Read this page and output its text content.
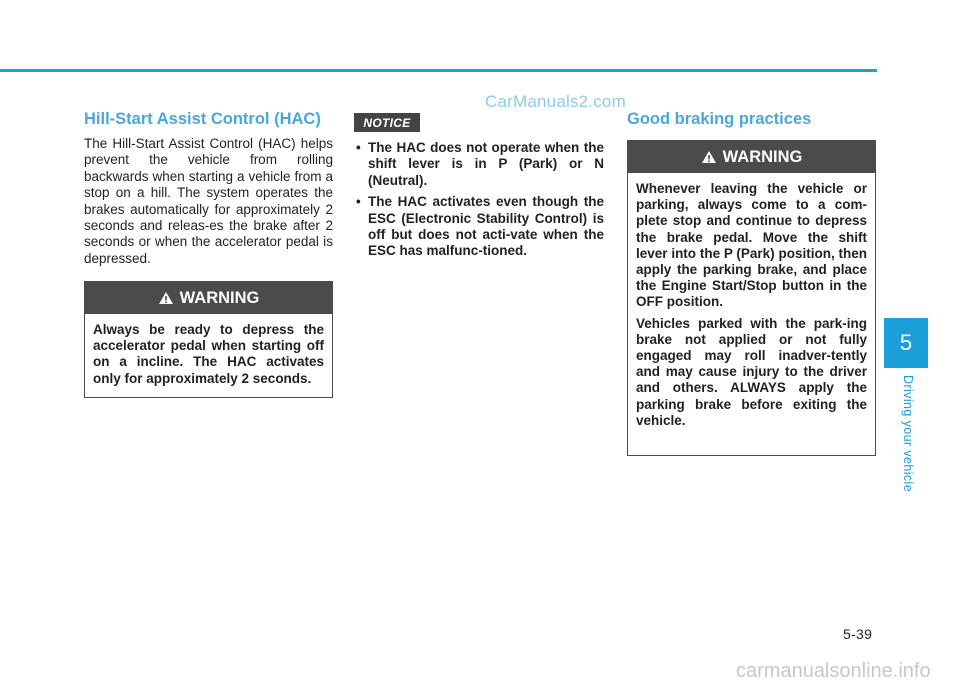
CarManuals2.com
Hill-Start Assist Control (HAC)

The Hill-Start Assist Control (HAC) helps prevent the vehicle from rolling backwards when starting a vehicle from a stop on a hill. The system operates the brakes automatically for approximately 2 seconds and releas-es the brake after 2 seconds or when the accelerator pedal is depressed.

WARNING

Always be ready to depress the accelerator pedal when starting off on a incline. The HAC activates only for approximately 2 seconds.

NOTICE
• The HAC does not operate when the shift lever is in P (Park) or N (Neutral).
• The HAC activates even though the ESC (Electronic Stability Control) is off but does not acti-vate when the ESC has malfunc-tioned.
Good braking practices
WARNING

Whenever leaving the vehicle or parking, always come to a com-plete stop and continue to depress the brake pedal. Move the shift lever into the P (Park) position, then apply the parking brake, and place the Engine Start/Stop button in the OFF position.

Vehicles parked with the park-ing brake not applied or not fully engaged may roll inadver-tently and may cause injury to the driver and others. ALWAYS apply the parking brake before exiting the vehicle.

5
Driving your vehicle
5-39
carmanualsonline.info
